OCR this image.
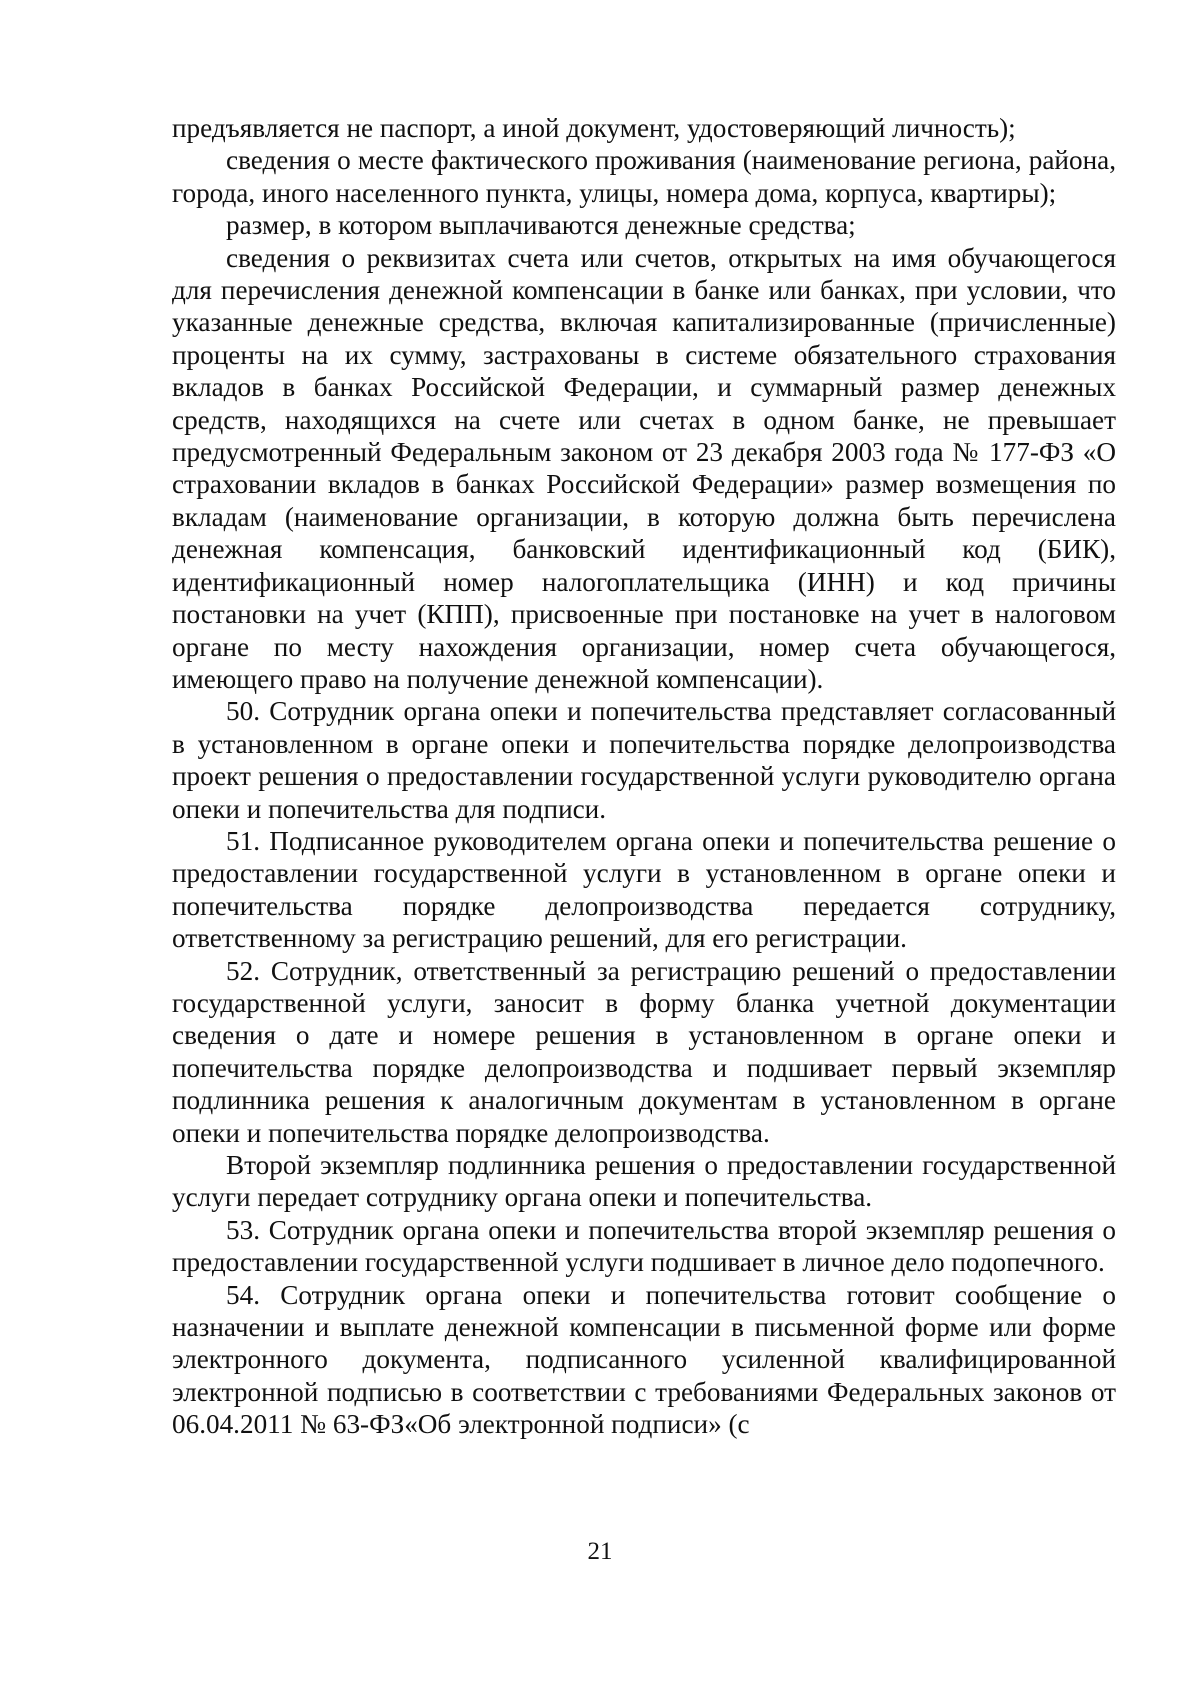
предъявляется не паспорт, а иной документ, удостоверяющий личность);

сведения о месте фактического проживания (наименование региона, района, города, иного населенного пункта, улицы, номера дома, корпуса, квартиры);

размер, в котором выплачиваются денежные средства;

сведения о реквизитах счета или счетов, открытых на имя обучающегося для перечисления денежной компенсации в банке или банках, при условии, что указанные денежные средства, включая капитализированные (причисленные) проценты на их сумму, застрахованы в системе обязательного страхования вкладов в банках Российской Федерации, и суммарный размер денежных средств, находящихся на счете или счетах в одном банке, не превышает предусмотренный Федеральным законом от 23 декабря 2003 года № 177-ФЗ «О страховании вкладов в банках Российской Федерации» размер возмещения по вкладам (наименование организации, в которую должна быть перечислена денежная компенсация, банковский идентификационный код (БИК), идентификационный номер налогоплательщика (ИНН) и код причины постановки на учет (КПП), присвоенные при постановке на учет в налоговом органе по месту нахождения организации, номер счета обучающегося, имеющего право на получение денежной компенсации).

50. Сотрудник органа опеки и попечительства представляет согласованный в установленном в органе опеки и попечительства порядке делопроизводства проект решения о предоставлении государственной услуги руководителю органа опеки и попечительства для подписи.

51. Подписанное руководителем органа опеки и попечительства решение о предоставлении государственной услуги в установленном в органе опеки и попечительства порядке делопроизводства передается сотруднику, ответственному за регистрацию решений, для его регистрации.

52. Сотрудник, ответственный за регистрацию решений о предоставлении государственной услуги, заносит в форму бланка учетной документации сведения о дате и номере решения в установленном в органе опеки и попечительства порядке делопроизводства и подшивает первый экземпляр подлинника решения к аналогичным документам в установленном в органе опеки и попечительства порядке делопроизводства.

Второй экземпляр подлинника решения о предоставлении государственной услуги передает сотруднику органа опеки и попечительства.

53. Сотрудник органа опеки и попечительства второй экземпляр решения о предоставлении государственной услуги подшивает в личное дело подопечного.

54. Сотрудник органа опеки и попечительства готовит сообщение о назначении и выплате денежной компенсации в письменной форме или форме электронного документа, подписанного усиленной квалифицированной электронной подписью в соответствии с требованиями Федеральных законов от 06.04.2011 № 63-ФЗ«Об электронной подписи» (с

21
